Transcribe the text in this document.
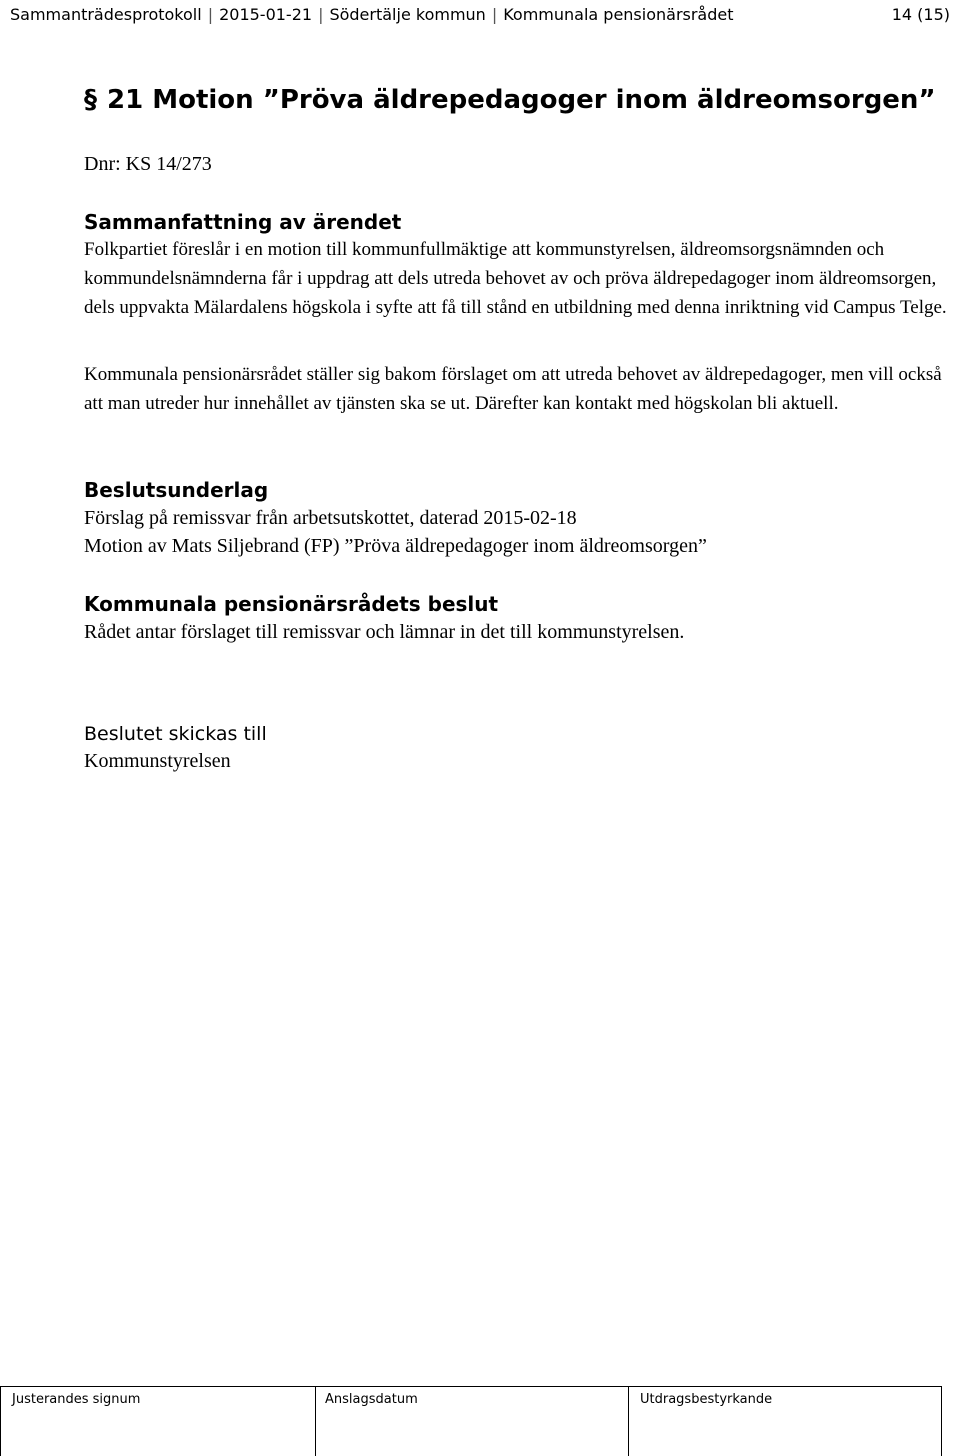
Sammanträdesprotokoll | 2015-01-21 | Södertälje kommun | Kommunala pensionärsrådet	14 (15)
§ 21 Motion ”Pröva äldrepedagoger inom äldreomsorgen”
Dnr: KS 14/273
Sammanfattning av ärendet

Folkpartiet föreslår i en motion till kommunfullmäktige att kommunstyrelsen, äldreomsorgsnämnden och kommundelsnämnderna får i uppdrag att dels utreda behovet av och pröva äldrepedagoger inom äldreomsorgen, dels uppvakta Mälardalens högskola i syfte att få till stånd en utbildning med denna inriktning vid Campus Telge.

Kommunala pensionärsrådet ställer sig bakom förslaget om att utreda behovet av äldrepedagoger, men vill också att man utreder hur innehållet av tjänsten ska se ut. Därefter kan kontakt med högskolan bli aktuell.

Beslutsunderlag
Förslag på remissvar från arbetsutskottet, daterad 2015-02-18
Motion av Mats Siljebrand (FP) ”Pröva äldrepedagoger inom äldreomsorgen”
Kommunala pensionärsrådets beslut
Rådet antar förslaget till remissvar och lämnar in det till kommunstyrelsen.
Beslutet skickas till
Kommunstyrelsen
Justerandes signum	Anslagsdatum	Utdragsbestyrkande
